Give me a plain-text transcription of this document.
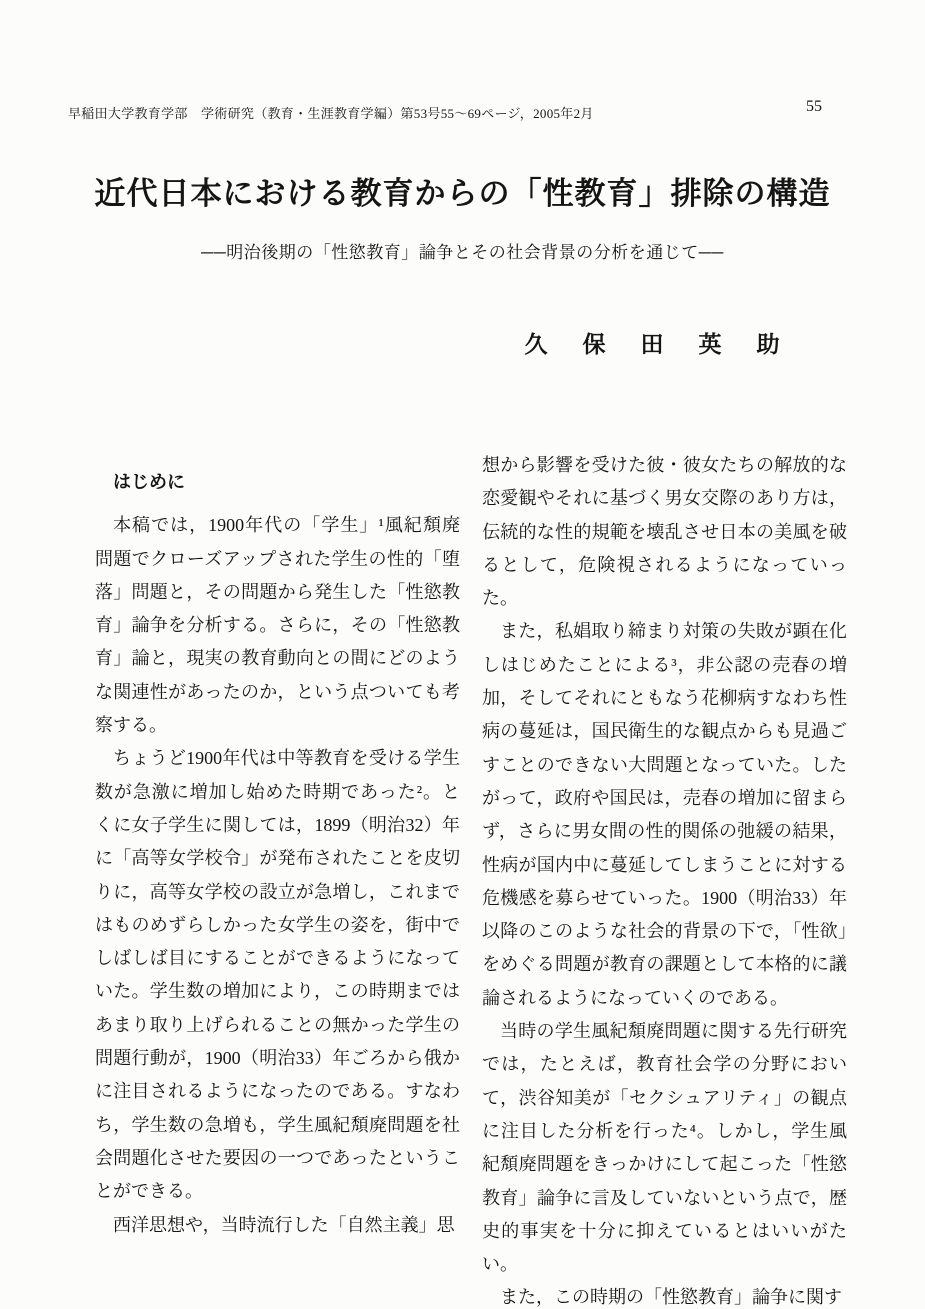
早稲田大学教育学部　学術研究（教育・生涯教育学編）第53号55～69ページ，2005年2月	55
近代日本における教育からの「性教育」排除の構造
──明治後期の「性慾教育」論争とその社会背景の分析を通じて──
久　保　田　英　助
はじめに
本稿では，1900年代の「学生」¹風紀頽廃問題でクローズアップされた学生の性的「堕落」問題と，その問題から発生した「性慾教育」論争を分析する。さらに，その「性慾教育」論と，現実の教育動向との間にどのような関連性があったのか，という点ついても考察する。
ちょうど1900年代は中等教育を受ける学生数が急激に増加し始めた時期であった²。とくに女子学生に関しては，1899（明治32）年に「高等女学校令」が発布されたことを皮切りに，高等女学校の設立が急増し，これまではものめずらしかった女学生の姿を，街中でしばしば目にすることができるようになっていた。学生数の増加により，この時期まではあまり取り上げられることの無かった学生の問題行動が，1900（明治33）年ごろから俄かに注目されるようになったのである。すなわち，学生数の急増も，学生風紀頽廃問題を社会問題化させた要因の一つであったということができる。
西洋思想や，当時流行した「自然主義」思
想から影響を受けた彼・彼女たちの解放的な恋愛観やそれに基づく男女交際のあり方は，伝統的な性的規範を壊乱させ日本の美風を破るとして，危険視されるようになっていった。
また，私娼取り締まり対策の失敗が顕在化しはじめたことによる³，非公認の売春の増加，そしてそれにともなう花柳病すなわち性病の蔓延は，国民衛生的な観点からも見過ごすことのできない大問題となっていた。したがって，政府や国民は，売春の増加に留まらず，さらに男女間の性的関係の弛緩の結果，性病が国内中に蔓延してしまうことに対する危機感を募らせていった。1900（明治33）年以降のこのような社会的背景の下で，「性欲」をめぐる問題が教育の課題として本格的に議論されるようになっていくのである。
当時の学生風紀頽廃問題に関する先行研究では，たとえば，教育社会学の分野において，渋谷知美が「セクシュアリティ」の観点に注目した分析を行った⁴。しかし，学生風紀頽廃問題をきっかけにして起こった「性慾教育」論争に言及していないという点で，歴史的事実を十分に抑えているとはいいがたい。
また，この時期の「性慾教育」論争に関す
